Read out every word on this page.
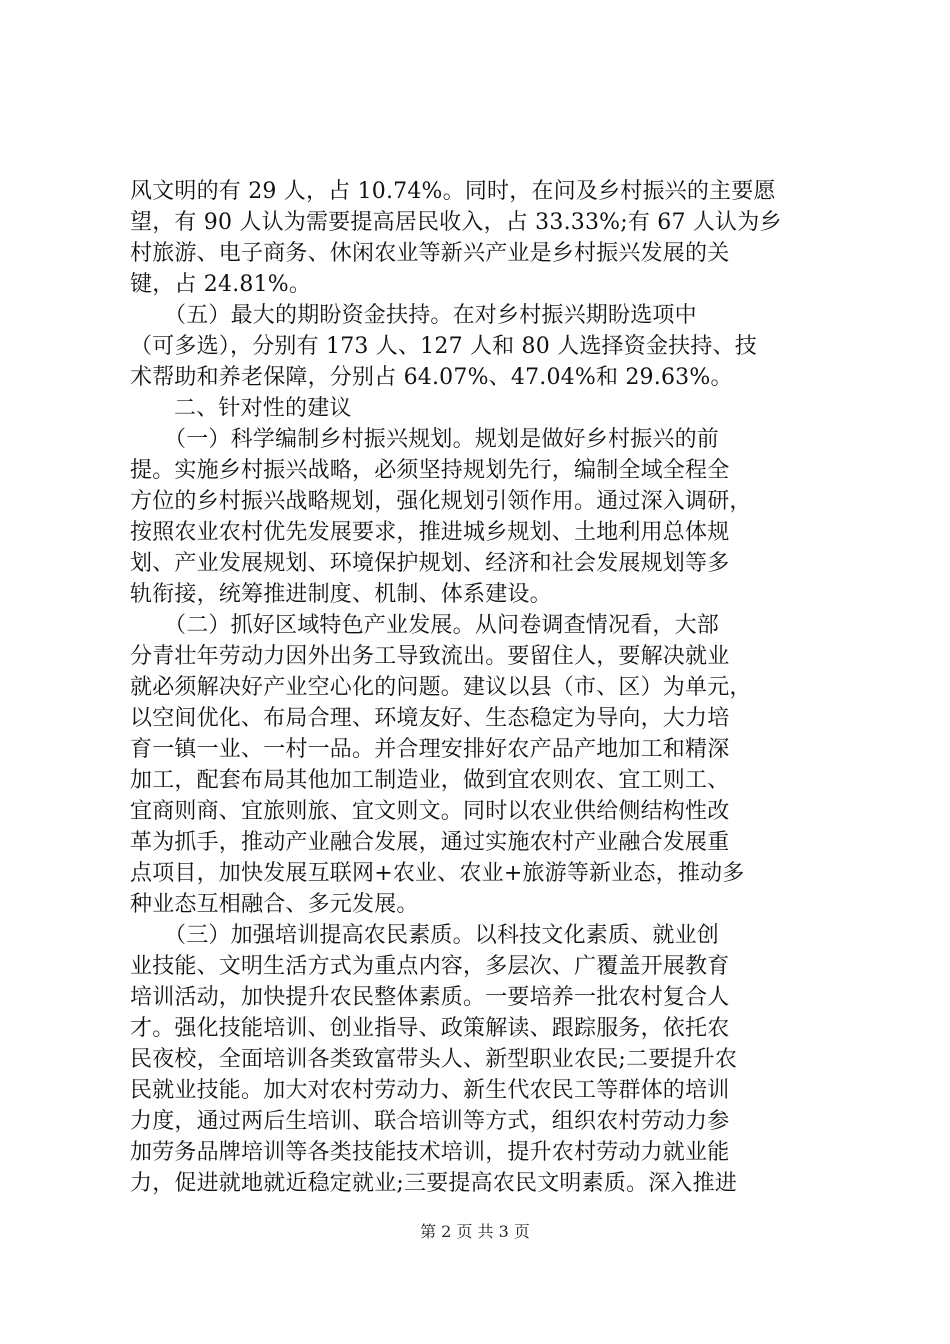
风文明的有 29 人，占 10.74%。同时，在问及乡村振兴的主要愿
望，有 90 人认为需要提高居民收入，占 33.33%;有 67 人认为乡
村旅游、电子商务、休闲农业等新兴产业是乡村振兴发展的关
键，占 24.81%。
（五）最大的期盼资金扶持。在对乡村振兴期盼选项中
（可多选），分别有 173 人、127 人和 80 人选择资金扶持、技
术帮助和养老保障，分别占 64.07%、47.04%和 29.63%。
二、针对性的建议
（一）科学编制乡村振兴规划。规划是做好乡村振兴的前
提。实施乡村振兴战略，必须坚持规划先行，编制全域全程全
方位的乡村振兴战略规划，强化规划引领作用。通过深入调研，
按照农业农村优先发展要求，推进城乡规划、土地利用总体规
划、产业发展规划、环境保护规划、经济和社会发展规划等多
轨衔接，统筹推进制度、机制、体系建设。
（二）抓好区域特色产业发展。从问卷调查情况看，大部
分青壮年劳动力因外出务工导致流出。要留住人，要解决就业
就必须解决好产业空心化的问题。建议以县（市、区）为单元，
以空间优化、布局合理、环境友好、生态稳定为导向，大力培
育一镇一业、一村一品。并合理安排好农产品产地加工和精深
加工，配套布局其他加工制造业，做到宜农则农、宜工则工、
宜商则商、宜旅则旅、宜文则文。同时以农业供给侧结构性改
革为抓手，推动产业融合发展，通过实施农村产业融合发展重
点项目，加快发展互联网+农业、农业+旅游等新业态，推动多
种业态互相融合、多元发展。
（三）加强培训提高农民素质。以科技文化素质、就业创
业技能、文明生活方式为重点内容，多层次、广覆盖开展教育
培训活动，加快提升农民整体素质。一要培养一批农村复合人
才。强化技能培训、创业指导、政策解读、跟踪服务，依托农
民夜校，全面培训各类致富带头人、新型职业农民;二要提升农
民就业技能。加大对农村劳动力、新生代农民工等群体的培训
力度，通过两后生培训、联合培训等方式，组织农村劳动力参
加劳务品牌培训等各类技能技术培训，提升农村劳动力就业能
力，促进就地就近稳定就业;三要提高农民文明素质。深入推进
第 2 页 共 3 页
